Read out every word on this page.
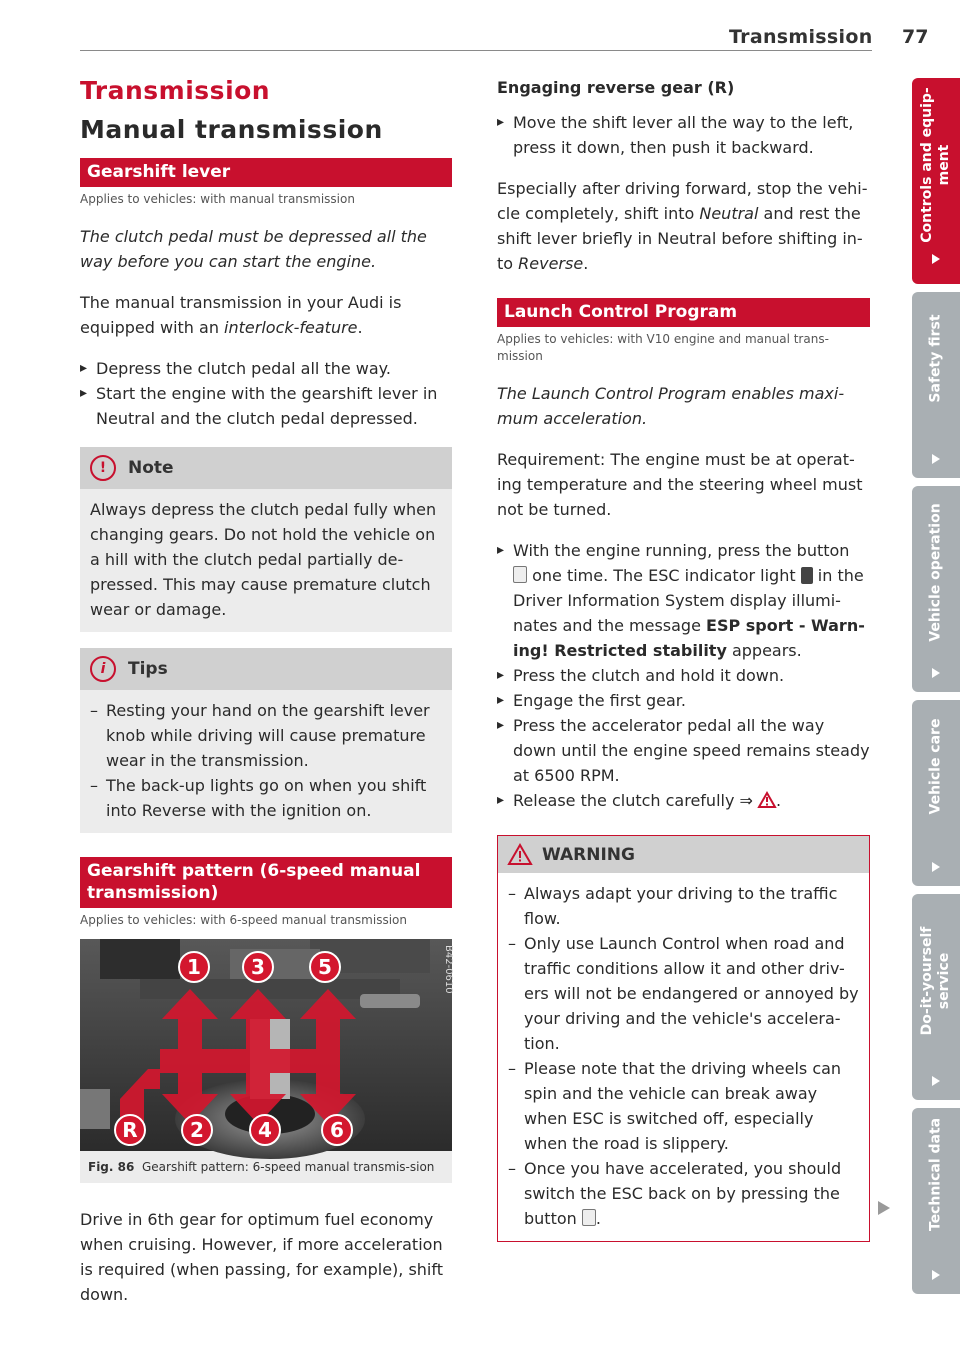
Transmission 77
Transmission
Manual transmission
Gearshift lever
Applies to vehicles: with manual transmission
The clutch pedal must be depressed all the
way before you can start the engine.

The manual transmission in your Audi is equipped with an interlock-feature.

▸ Depress the clutch pedal all the way.
▸ Start the engine with the gearshift lever in Neutral and the clutch pedal depressed.
!	Note
Always depress the clutch pedal fully when changing gears. Do not hold the vehicle on a hill with the clutch pedal partially de-pressed. This may cause premature clutch wear or damage.
i	Tips
– Resting your hand on the gearshift lever knob while driving will cause premature wear in the transmission.
– The back-up lights go on when you shift into Reverse with the ignition on.
Gearshift pattern (6-speed manual transmission)
Applies to vehicles: with 6-speed manual transmission
1	3	5
R	2	4	6
B42-0610
Fig. 86 Gearshift pattern: 6-speed manual transmis-sion

Drive in 6th gear for optimum fuel economy when cruising. However, if more acceleration is required (when passing, for example), shift down.

Engaging reverse gear (R)
▸ Move the shift lever all the way to the left, press it down, then push it backward.

Especially after driving forward, stop the vehi-cle completely, shift into Neutral and rest the shift lever briefly in Neutral before shifting in-to Reverse.

Launch Control Program
Applies to vehicles: with V10 engine and manual trans-mission
The Launch Control Program enables maxi-mum acceleration.

Requirement: The engine must be at operat-ing temperature and the steering wheel must not be turned.

▸ With the engine running, press the button
one time. The ESC indicator light  in the Driver Information System display illumi-nates and the message ESP sport - Warn-ing! Restricted stability appears.
▸ Press the clutch and hold it down.
▸ Engage the first gear.
▸ Press the accelerator pedal all the way down until the engine speed remains steady at 6500 RPM.
▸ Release the clutch carefully ⇒ .
WARNING
– Always adapt your driving to the traffic flow.
– Only use Launch Control when road and traffic conditions allow it and other driv-ers will not be endangered or annoyed by your driving and the vehicle's accelera-tion.
– Please note that the driving wheels can spin and the vehicle can break away when ESC is switched off, especially when the road is slippery.
– Once you have accelerated, you should switch the ESC back on by pressing the button .
Controls and equip-
ment
Safety first
Vehicle operation
Vehicle care
Do-it-yourself
service
Technical data
